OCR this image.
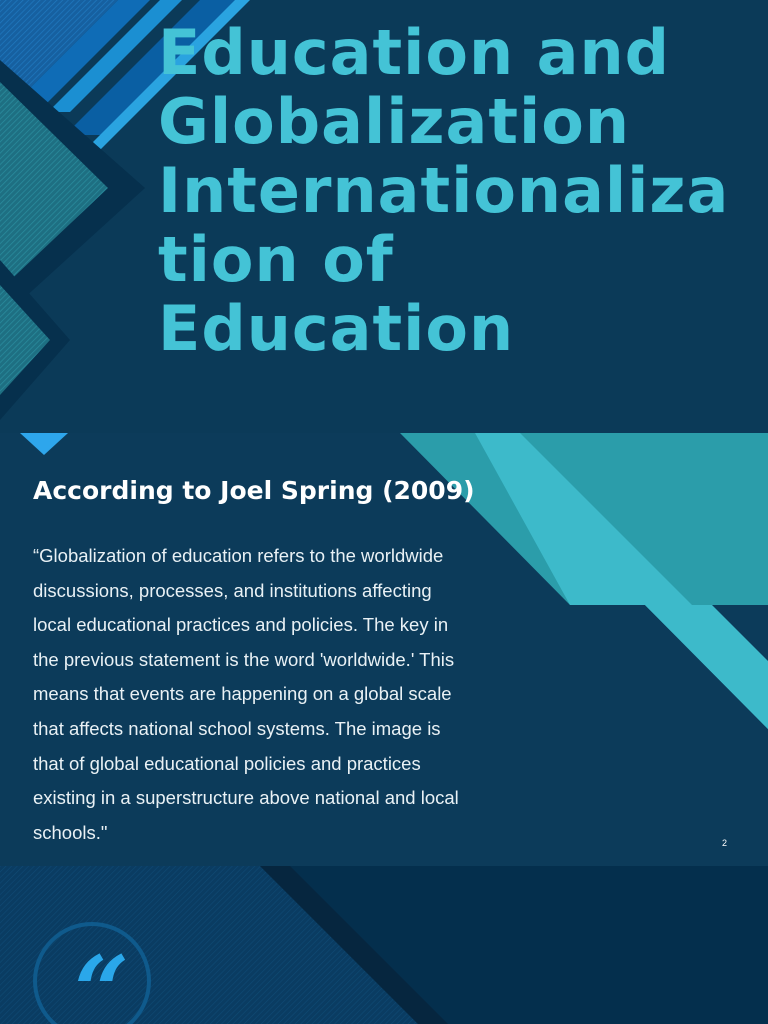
Education and
Globalization
Internationaliza
tion of
Education
According to Joel Spring (2009)

“Globalization of education refers to the worldwide
discussions, processes, and institutions affecting
local educational practices and policies. The key in
the previous statement is the word 'worldwide.' This
means that events are happening on a global scale
that affects national school systems. The image is
that of global educational policies and practices
existing in a superstructure above national and local
schools."

2
“
